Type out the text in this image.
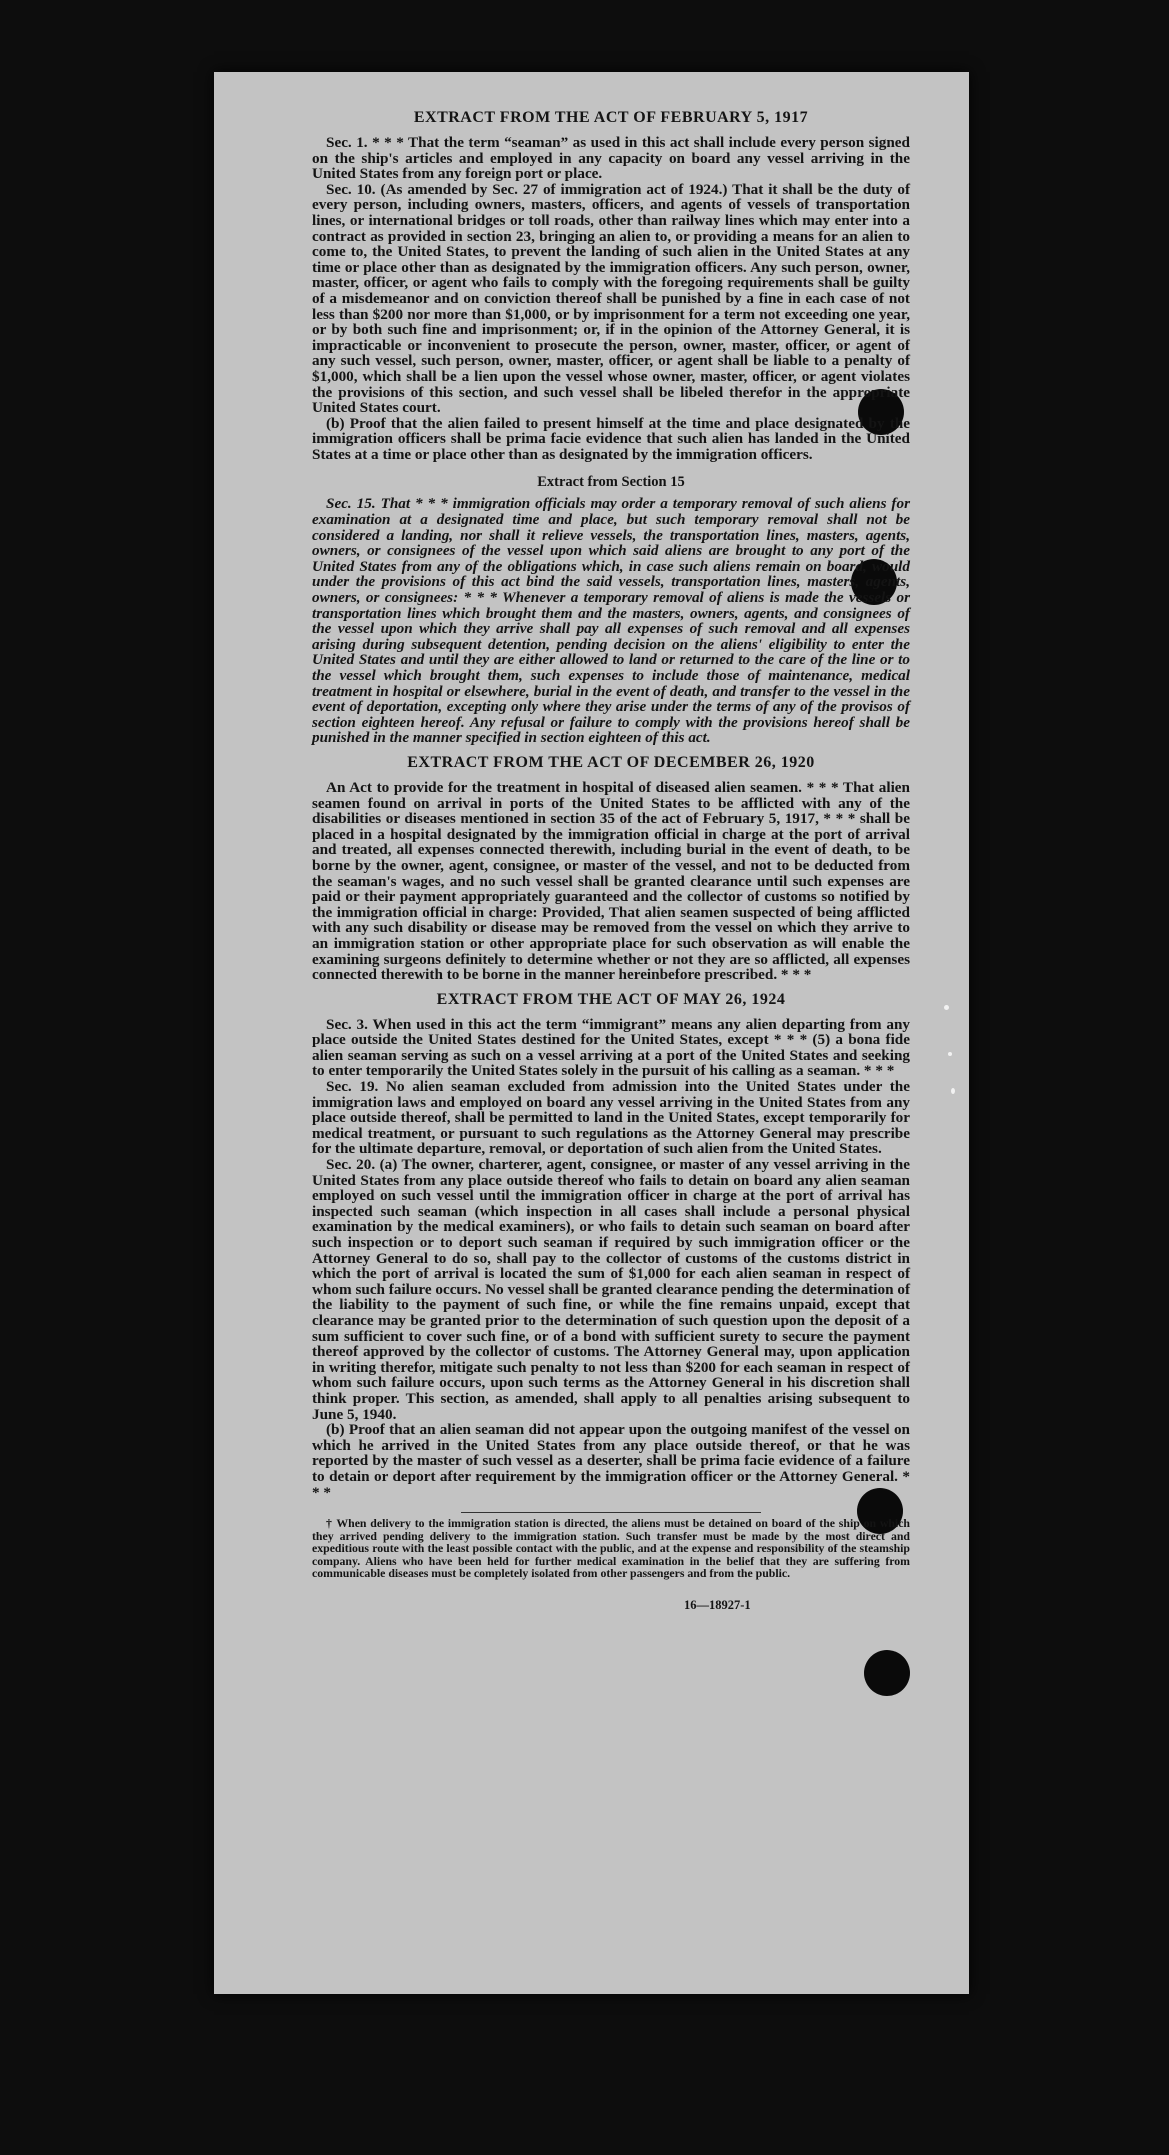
EXTRACT FROM THE ACT OF FEBRUARY 5, 1917

Sec. 1. * * * That the term “seaman” as used in this act shall include every person signed on the ship's articles and employed in any capacity on board any vessel arriving in the United States from any foreign port or place.

Sec. 10. (As amended by Sec. 27 of immigration act of 1924.) That it shall be the duty of every person, including owners, masters, officers, and agents of vessels of transportation lines, or international bridges or toll roads, other than railway lines which may enter into a contract as provided in section 23, bringing an alien to, or providing a means for an alien to come to, the United States, to prevent the landing of such alien in the United States at any time or place other than as designated by the immigration officers. Any such person, owner, master, officer, or agent who fails to comply with the foregoing requirements shall be guilty of a misdemeanor and on conviction thereof shall be punished by a fine in each case of not less than $200 nor more than $1,000, or by imprisonment for a term not exceeding one year, or by both such fine and imprisonment; or, if in the opinion of the Attorney General, it is impracticable or inconvenient to prosecute the person, owner, master, officer, or agent of any such vessel, such person, owner, master, officer, or agent shall be liable to a penalty of $1,000, which shall be a lien upon the vessel whose owner, master, officer, or agent violates the provisions of this section, and such vessel shall be libeled therefor in the appropriate United States court.

(b) Proof that the alien failed to present himself at the time and place designated by the immigration officers shall be prima facie evidence that such alien has landed in the United States at a time or place other than as designated by the immigration officers.

Extract from Section 15

Sec. 15. That * * * immigration officials may order a temporary removal of such aliens for examination at a designated time and place, but such temporary removal shall not be considered a landing, nor shall it relieve vessels, the transportation lines, masters, agents, owners, or consignees of the vessel upon which said aliens are brought to any port of the United States from any of the obligations which, in case such aliens remain on board, would under the provisions of this act bind the said vessels, transportation lines, masters, agents, owners, or consignees: * * * Whenever a temporary removal of aliens is made the vessels or transportation lines which brought them and the masters, owners, agents, and consignees of the vessel upon which they arrive shall pay all expenses of such removal and all expenses arising during subsequent detention, pending decision on the aliens' eligibility to enter the United States and until they are either allowed to land or returned to the care of the line or to the vessel which brought them, such expenses to include those of maintenance, medical treatment in hospital or elsewhere, burial in the event of death, and transfer to the vessel in the event of deportation, excepting only where they arise under the terms of any of the provisos of section eighteen hereof. Any refusal or failure to comply with the provisions hereof shall be punished in the manner specified in section eighteen of this act.

EXTRACT FROM THE ACT OF DECEMBER 26, 1920

An Act to provide for the treatment in hospital of diseased alien seamen. * * * That alien seamen found on arrival in ports of the United States to be afflicted with any of the disabilities or diseases mentioned in section 35 of the act of February 5, 1917, * * * shall be placed in a hospital designated by the immigration official in charge at the port of arrival and treated, all expenses connected therewith, including burial in the event of death, to be borne by the owner, agent, consignee, or master of the vessel, and not to be deducted from the seaman's wages, and no such vessel shall be granted clearance until such expenses are paid or their payment appropriately guaranteed and the collector of customs so notified by the immigration official in charge: Provided, That alien seamen suspected of being afflicted with any such disability or disease may be removed from the vessel on which they arrive to an immigration station or other appropriate place for such observation as will enable the examining surgeons definitely to determine whether or not they are so afflicted, all expenses connected therewith to be borne in the manner hereinbefore prescribed. * * *

EXTRACT FROM THE ACT OF MAY 26, 1924

Sec. 3. When used in this act the term “immigrant” means any alien departing from any place outside the United States destined for the United States, except * * * (5) a bona fide alien seaman serving as such on a vessel arriving at a port of the United States and seeking to enter temporarily the United States solely in the pursuit of his calling as a seaman. * * *

Sec. 19. No alien seaman excluded from admission into the United States under the immigration laws and employed on board any vessel arriving in the United States from any place outside thereof, shall be permitted to land in the United States, except temporarily for medical treatment, or pursuant to such regulations as the Attorney General may prescribe for the ultimate departure, removal, or deportation of such alien from the United States.

Sec. 20. (a) The owner, charterer, agent, consignee, or master of any vessel arriving in the United States from any place outside thereof who fails to detain on board any alien seaman employed on such vessel until the immigration officer in charge at the port of arrival has inspected such seaman (which inspection in all cases shall include a personal physical examination by the medical examiners), or who fails to detain such seaman on board after such inspection or to deport such seaman if required by such immigration officer or the Attorney General to do so, shall pay to the collector of customs of the customs district in which the port of arrival is located the sum of $1,000 for each alien seaman in respect of whom such failure occurs. No vessel shall be granted clearance pending the determination of the liability to the payment of such fine, or while the fine remains unpaid, except that clearance may be granted prior to the determination of such question upon the deposit of a sum sufficient to cover such fine, or of a bond with sufficient surety to secure the payment thereof approved by the collector of customs. The Attorney General may, upon application in writing therefor, mitigate such penalty to not less than $200 for each seaman in respect of whom such failure occurs, upon such terms as the Attorney General in his discretion shall think proper. This section, as amended, shall apply to all penalties arising subsequent to June 5, 1940.

(b) Proof that an alien seaman did not appear upon the outgoing manifest of the vessel on which he arrived in the United States from any place outside thereof, or that he was reported by the master of such vessel as a deserter, shall be prima facie evidence of a failure to detain or deport after requirement by the immigration officer or the Attorney General. * * *

† When delivery to the immigration station is directed, the aliens must be detained on board of the ship on which they arrived pending delivery to the immigration station. Such transfer must be made by the most direct and expeditious route with the least possible contact with the public, and at the expense and responsibility of the steamship company. Aliens who have been held for further medical examination in the belief that they are suffering from communicable diseases must be completely isolated from other passengers and from the public.

16—18927-1
